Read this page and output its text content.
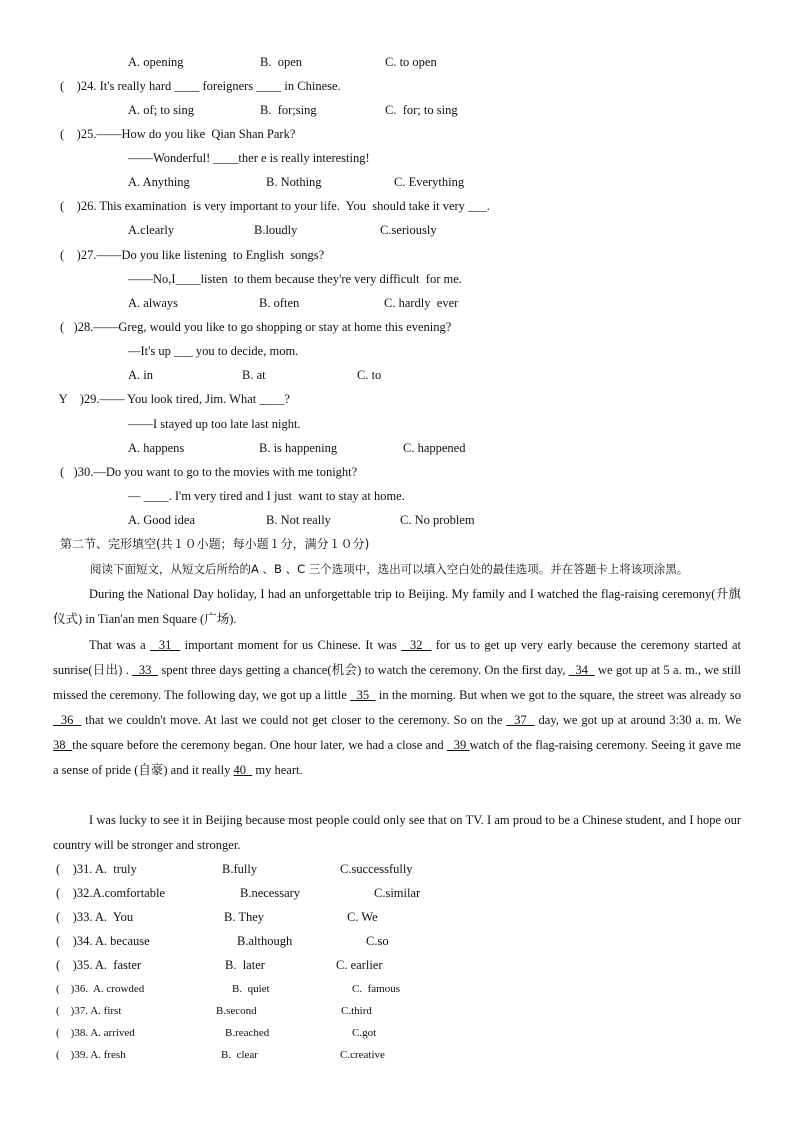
A. opening	B.  open	C. to open
(    )24. It's really hard ____ foreigners ____ in Chinese.
A. of; to sing	B.  for;sing	C.  for; to sing
(    )25.——How do you like  Qian Shan Park?
——Wonderful! ____ther e is really interesting!
A. Anything	B. Nothing	C. Everything
(    )26. This examination  is very important to your life.  You  should take it very ___.
A.clearly	B.loudly	C.seriously
(    )27.——Do you like listening  to English  songs?
——No,I____listen  to them because they're very difficult  for me.
A. always	B. often	C. hardly  ever
(   )28.——Greg, would you like to go shopping or stay at home this evening?
—It's up ___ you to decide, mom.
A. in	B. at	C. to
Y    )29.—— You look tired, Jim. What ____?
——I stayed up too late last night.
A. happens	B. is happening	C. happened
(   )30.—Do you want to go to the movies with me tonight?
— ____. I'm very tired and I just  want to stay at home.
A. Good idea	B. Not really	C. No problem
第二节、完形填空(共１０小题；每小题１分，满分１０分)
阅读下面短文，从短文后所给的A 、B 、C 三个选项中，选出可以填入空白处的最佳选项。并在答题卡上将该项涂黑。
During the National Day holiday, I had an unforgettable trip to Beijing. My family and I watched the flag-raising ceremony(升旗仪式) in Tian'an men Square (广场).
That was a   31   important moment for us Chinese. It was   32   for us to get up very early because the ceremony started at sunrise(日出) .   33   spent three days getting a chance(机会) to watch the ceremony. On the first day,   34   we got up at 5 a. m., we still missed the ceremony. The following day, we got up a little   35   in the morning. But when we got to the square, the street was already so   36   that we couldn't move. At last we could not get closer to the ceremony. So on the   37   day, we got up at around 3:30 a. m. We 38  the square before the ceremony began. One hour later, we had a close and   39 watch of the flag-raising ceremony. Seeing it gave me a sense of pride (自豪) and it really 40   my heart.
I was lucky to see it in Beijing because most people could only see that on TV. I am proud to be a Chinese student, and I hope our country will be stronger and stronger.
(    )31. A.  truly	B.fully	C.successfully
(    )32.A.comfortable	B.necessary	C.similar
(    )33. A.  You	B. They	C. We
(    )34. A. because	B.although	C.so
(    )35. A.  faster	B.  later	C. earlier
(    )36.  A. crowded	B.  quiet	C.  famous
(    )37. A. first	B.second	C.third
(    )38. A. arrived	B.reached	C.got
(    )39. A. fresh	B.  clear	C.creative
